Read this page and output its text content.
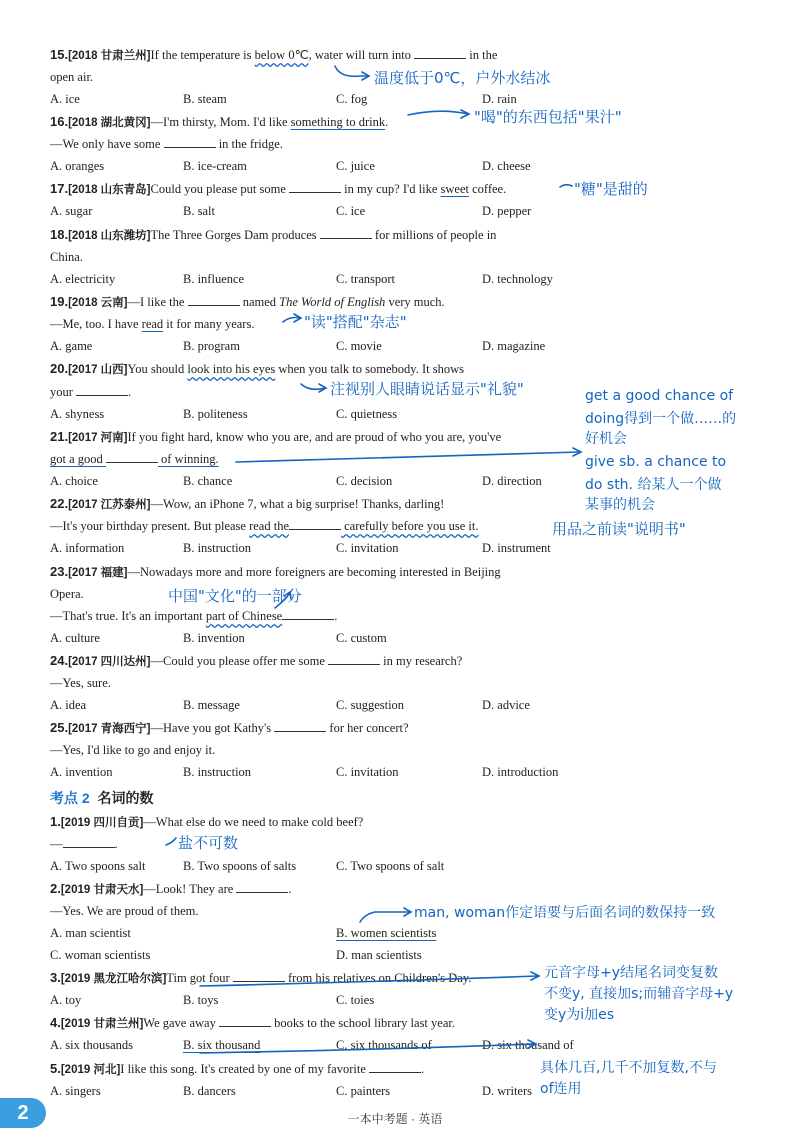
15.[2018 甘肃兰州]If the temperature is below 0℃, water will turn into	in the
open air.
A. ice	B. steam	C. fog	D. rain
16.[2018 湖北黄冈]—I'm thirsty, Mom. I'd like something to drink.
—We only have some	in the fridge.
A. oranges	B. ice-cream	C. juice	D. cheese
17.[2018 山东青岛]Could you please put some	in my cup? I'd like sweet coffee.
A. sugar	B. salt	C. ice	D. pepper
18.[2018 山东潍坊]The Three Gorges Dam produces	for millions of people in
China.
A. electricity	B. influence	C. transport	D. technology
19.[2018 云南]—I like the	named The World of English very much.
—Me, too. I have read it for many years.
A. game	B. program	C. movie	D. magazine
20.[2017 山西]You should look into his eyes when you talk to somebody. It shows
your	.
A. shyness	B. politeness	C. quietness
21.[2017 河南]If you fight hard, know who you are, and are proud of who you are, you've
got a good	of winning.
A. choice	B. chance	C. decision	D. direction
22.[2017 江苏泰州]—Wow, an iPhone 7, what a big surprise! Thanks, darling!
—It's your birthday present. But please read the	carefully before you use it.
A. information	B. instruction	C. invitation	D. instrument
23.[2017 福建]—Nowadays more and more foreigners are becoming interested in Beijing
Opera.
—That's true. It's an important part of Chinese	.
A. culture	B. invention	C. custom
24.[2017 四川达州]—Could you please offer me some	in my research?
—Yes, sure.
A. idea	B. message	C. suggestion	D. advice
25.[2017 青海西宁]—Have you got Kathy's	for her concert?
—Yes, I'd like to go and enjoy it.
A. invention	B. instruction	C. invitation	D. introduction
考点 2 名词的数
1.[2019 四川自贡]—What else do we need to make cold beef?
—	.
A. Two spoons salt	B. Two spoons of salts	C. Two spoons of salt
2.[2019 甘肃天水]—Look! They are	.
—Yes. We are proud of them.
A. man scientist	B. women scientists
C. woman scientists	D. man scientists
3.[2019 黑龙江哈尔滨]Tim got four	from his relatives on Children's Day.
A. toy	B. toys	C. toies
4.[2019 甘肃兰州]We gave away	books to the school library last year.
A. six thousands	B. six thousand	C. six thousands of	D. six thousand of
5.[2019 河北]I like this song. It's created by one of my favorite	.
A. singers	B. dancers	C. painters	D. writers
温度低于0℃，户外水结冰
"喝"的东西包括"果汁"
"糖"是甜的
"读"搭配"杂志"
注视别人眼睛说话显示"礼貌"	get a good chance of
doing得到一个做……的
好机会
give sb. a chance to
do sth. 给某人一个做
某事的机会
用品之前读"说明书"
中国"文化"的一部分
盐不可数
man, woman作定语要与后面名词的数保持一致
元音字母+y结尾名词变复数
不变y, 直接加s;而辅音字母+y
变y为i加es
具体几百,几千不加复数,不与
of连用
2	一本中考题 · 英语
